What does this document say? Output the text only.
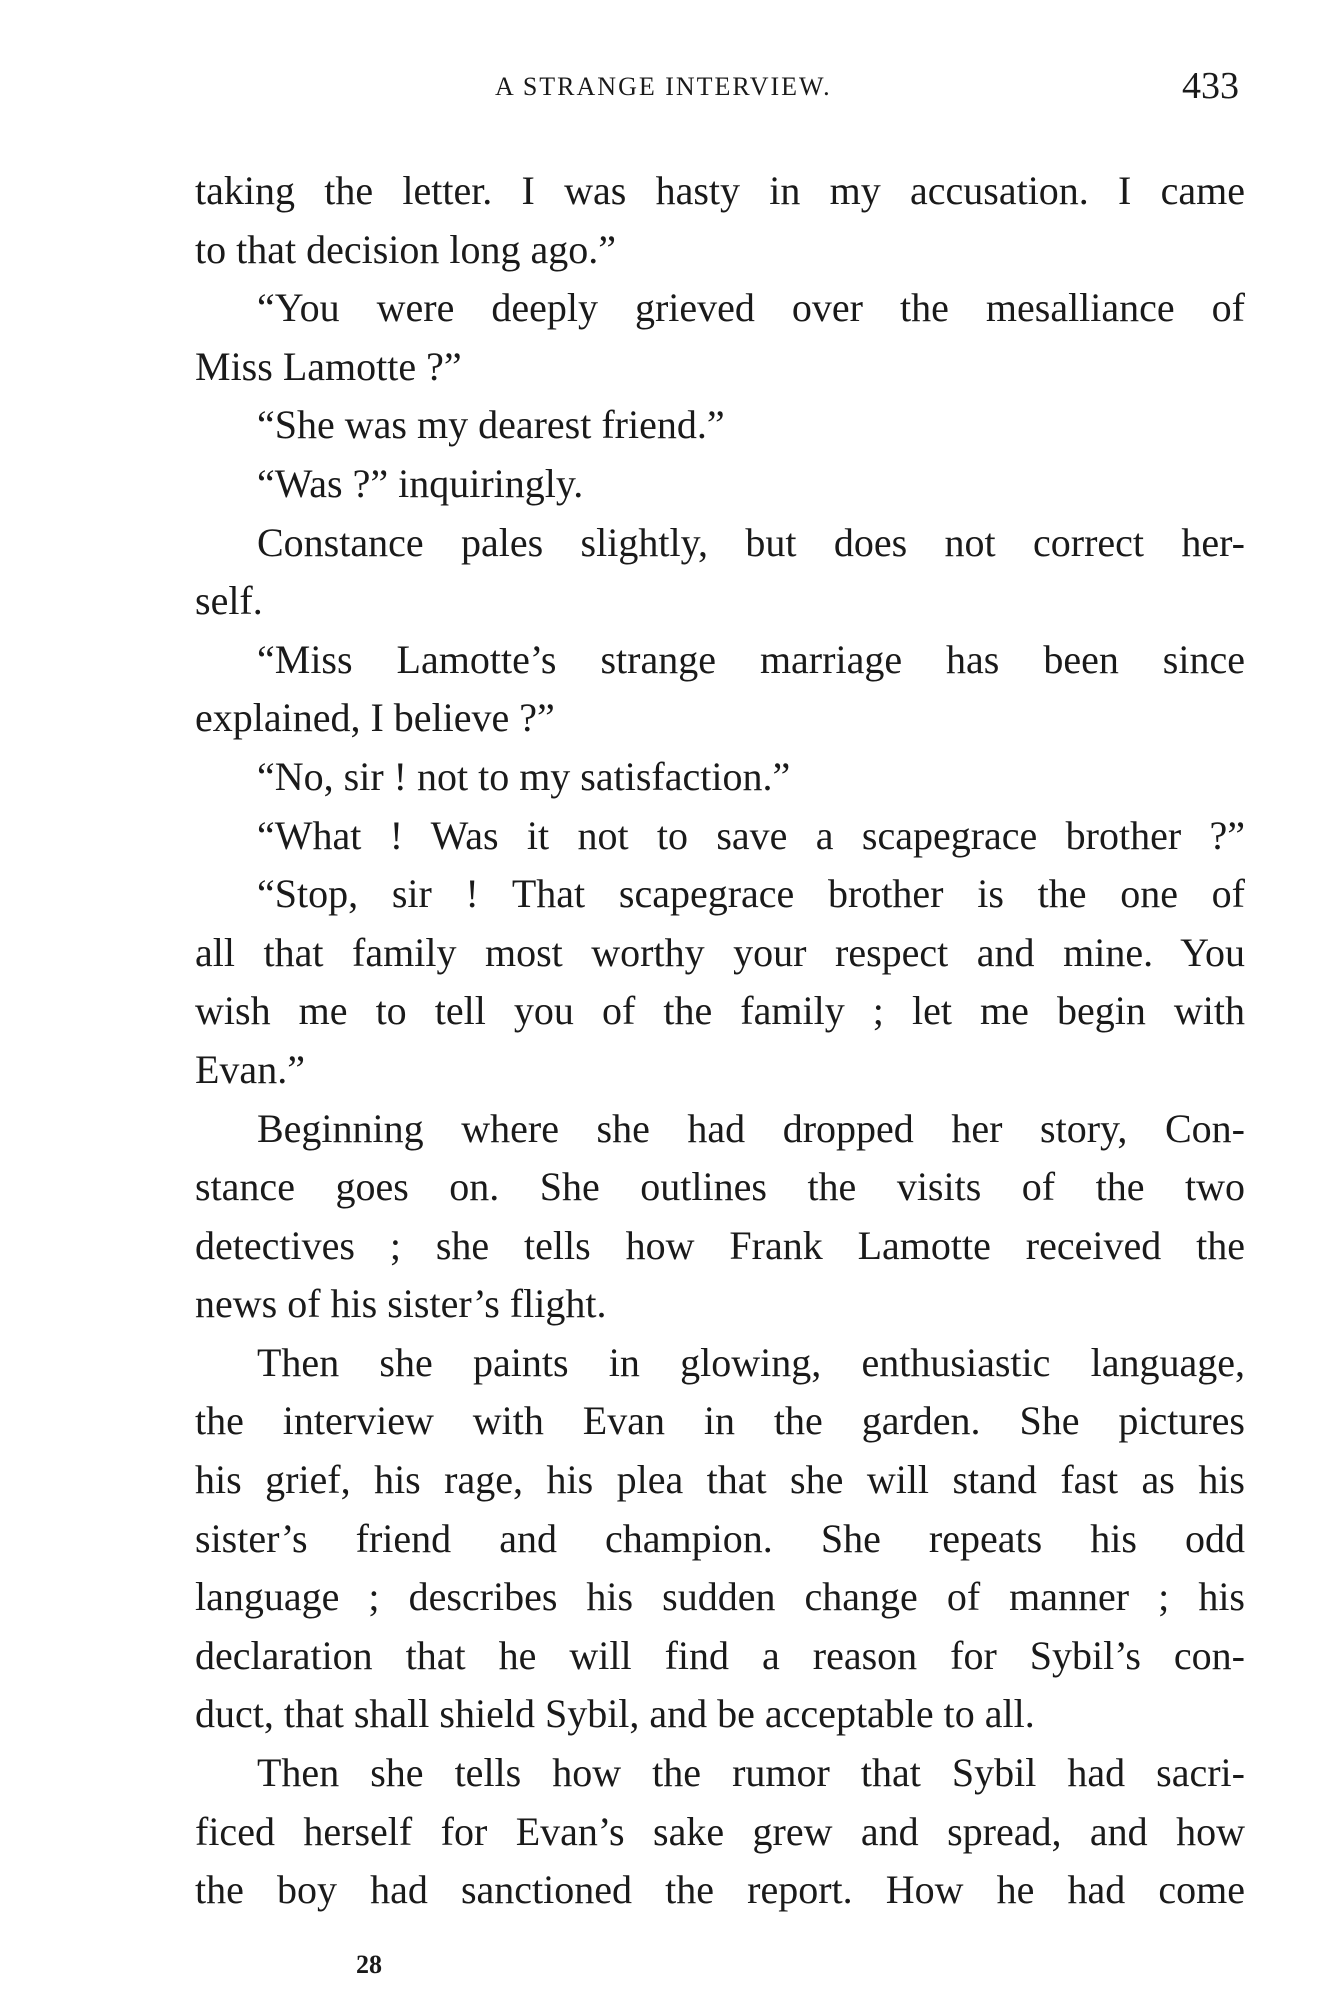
A STRANGE INTERVIEW.	433
taking the letter. I was hasty in my accusation. I came
to that decision long ago.”
“You were deeply grieved over the mesalliance of
Miss Lamotte ?”
“She was my dearest friend.”
“Was ?” inquiringly.
Constance pales slightly, but does not correct her-
self.
“Miss Lamotte’s strange marriage has been since
explained, I believe ?”
“No, sir ! not to my satisfaction.”
“What ! Was it not to save a scapegrace brother ?”
“Stop, sir ! That scapegrace brother is the one of
all that family most worthy your respect and mine. You
wish me to tell you of the family ; let me begin with
Evan.”
Beginning where she had dropped her story, Con-
stance goes on. She outlines the visits of the two
detectives ; she tells how Frank Lamotte received the
news of his sister’s flight.
Then she paints in glowing, enthusiastic language,
the interview with Evan in the garden. She pictures
his grief, his rage, his plea that she will stand fast as his
sister’s friend and champion. She repeats his odd
language ; describes his sudden change of manner ; his
declaration that he will find a reason for Sybil’s con-
duct, that shall shield Sybil, and be acceptable to all.
Then she tells how the rumor that Sybil had sacri-
ficed herself for Evan’s sake grew and spread, and how
the boy had sanctioned the report. How he had come
28
